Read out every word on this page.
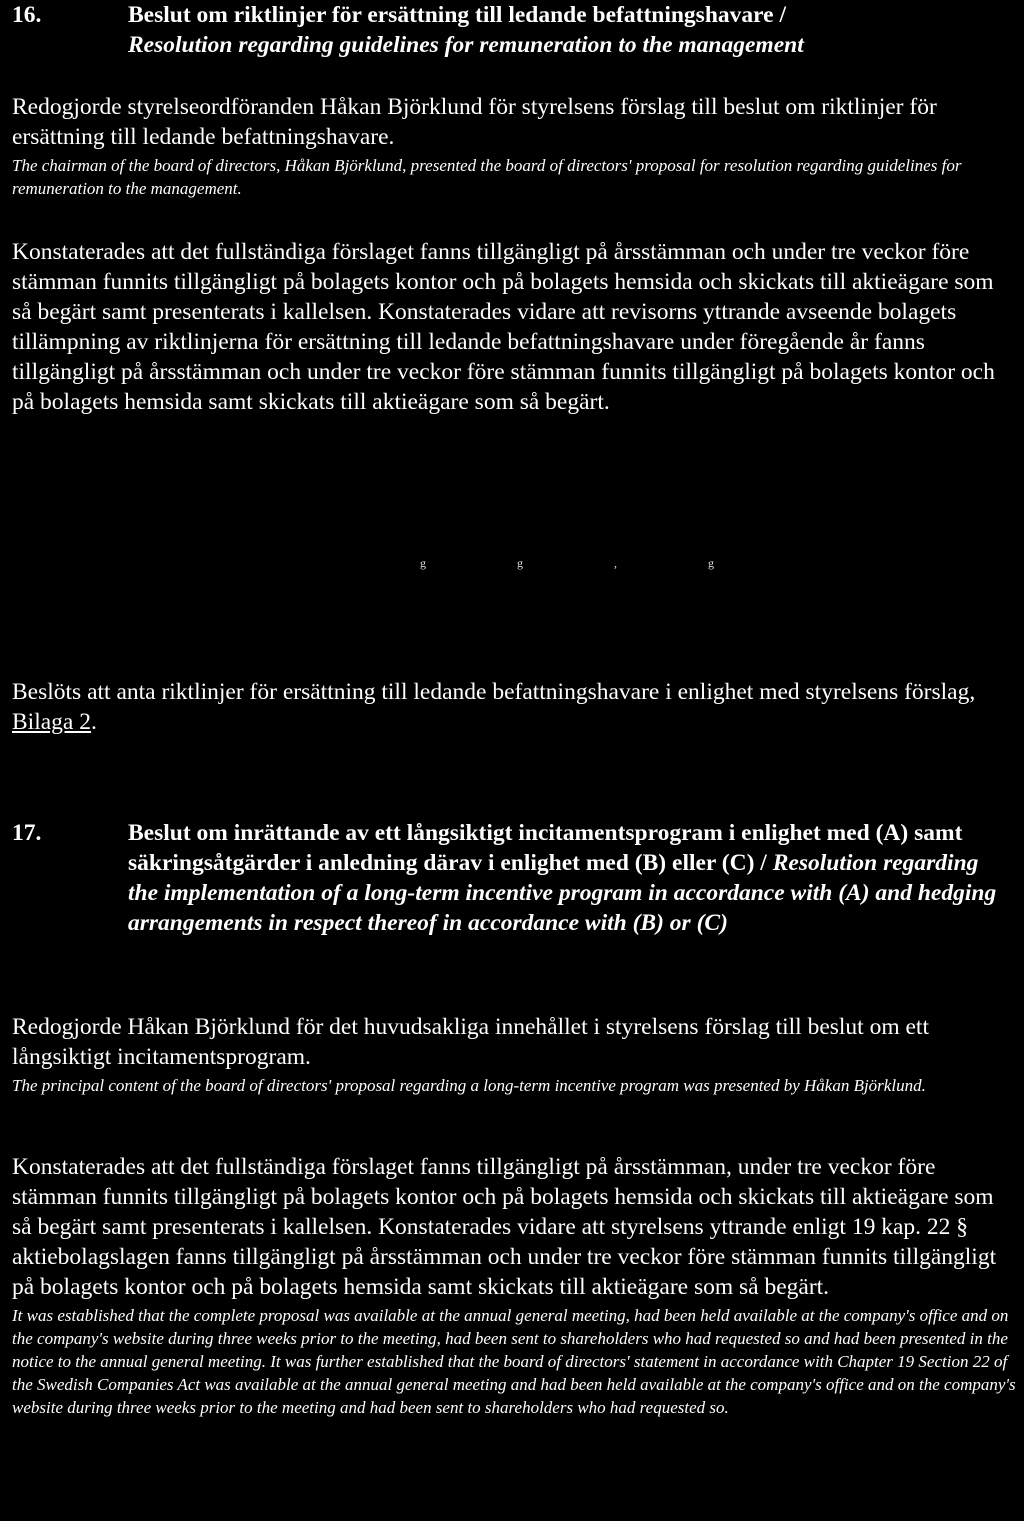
16.	Beslut om riktlinjer för ersättning till ledande befattningshavare /
Resolution regarding guidelines for remuneration to the management
Redogjorde styrelseordföranden Håkan Björklund för styrelsens förslag till beslut om riktlinjer för ersättning till ledande befattningshavare.
The chairman of the board of directors, Håkan Björklund, presented the board of directors' proposal for resolution regarding guidelines for remuneration to the management.
Konstaterades att det fullständiga förslaget fanns tillgängligt på årsstämman och under tre veckor före stämman funnits tillgängligt på bolagets kontor och på bolagets hemsida och skickats till aktieägare som så begärt samt presenterats i kallelsen. Konstaterades vidare att revisorns yttrande avseende bolagets tillämpning av riktlinjerna för ersättning till ledande befattningshavare under föregående år fanns tillgängligt på årsstämman och under tre veckor före stämman funnits tillgängligt på bolagets kontor och på bolagets hemsida samt skickats till aktieägare som så begärt.
g g , g
Beslöts att anta riktlinjer för ersättning till ledande befattningshavare i enlighet med styrelsens förslag, Bilaga 2.
17.	Beslut om inrättande av ett långsiktigt incitamentsprogram i enlighet med (A) samt säkringsåtgärder i anledning därav i enlighet med (B) eller (C) / Resolution regarding the implementation of a long-term incentive program in accordance with (A) and hedging arrangements in respect thereof in accordance with (B) or (C)
Redogjorde Håkan Björklund för det huvudsakliga innehållet i styrelsens förslag till beslut om ett långsiktigt incitamentsprogram.
The principal content of the board of directors' proposal regarding a long-term incentive program was presented by Håkan Björklund.
Konstaterades att det fullständiga förslaget fanns tillgängligt på årsstämman, under tre veckor före stämman funnits tillgängligt på bolagets kontor och på bolagets hemsida och skickats till aktieägare som så begärt samt presenterats i kallelsen. Konstaterades vidare att styrelsens yttrande enligt 19 kap. 22 § aktiebolagslagen fanns tillgängligt på årsstämman och under tre veckor före stämman funnits tillgängligt på bolagets kontor och på bolagets hemsida samt skickats till aktieägare som så begärt.
It was established that the complete proposal was available at the annual general meeting, had been held available at the company's office and on the company's website during three weeks prior to the meeting, had been sent to shareholders who had requested so and had been presented in the notice to the annual general meeting. It was further established that the board of directors' statement in accordance with Chapter 19 Section 22 of the Swedish Companies Act was available at the annual general meeting and had been held available at the company's office and on the company's website during three weeks prior to the meeting and had been sent to shareholders who had requested so.
